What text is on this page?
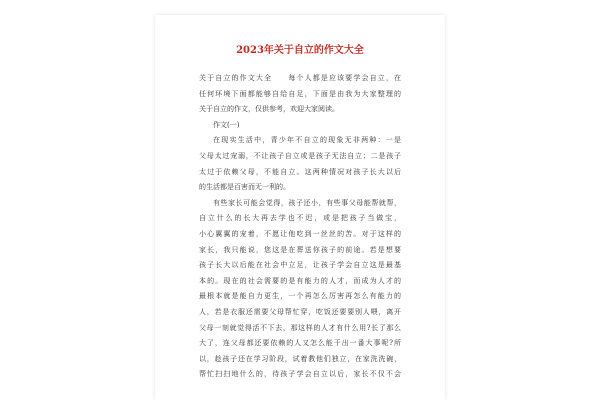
2023年关于自立的作文大全
关于自立的作文大全　　每个人都是应该要学会自立，在
任何环境下面都能够自给自足，下面是由我为大家整理的
关于自立的作文，仅供参考，欢迎大家阅读。
作文(一)
在现实生活中，青少年不自立的现象无非两种：一是
父母太过宠溺，不让孩子自立或是孩子无法自立；二是孩子
太过于依赖父母，不能自立。这两种情况对孩子长大以后
的生活都是百害而无一利的。
有些家长可能会觉得，孩子还小，有些事父母能帮就帮，
自立什么的长大再去学也不迟，或是把孩子当做宝，
小心翼翼的宠着，不愿让他吃到一丝丝的苦。对于这样的
家长，我只能说，您这是在葬送你孩子的前途。若是想要
孩子长大以后能在社会中立足，让孩子学会自立这是最基
本的。现在的社会需要的是有能力的人才，而成为人才的
最根本就是能自力更生，一个再怎么厉害再怎么有能力的
人，若是衣服还需要父母帮忙穿，吃饭还要要别人喂，离开
父母一刻就觉得活不下去，那这样的人才有什么用?长了那么
大了，连父母都还要依赖的人又怎么能干出一番大事呢?所
以，趁孩子还在学习阶段，试着教他们独立，在家洗洗碗，
帮忙扫扫地什么的，待孩子学会自立以后，家长不仅不会
